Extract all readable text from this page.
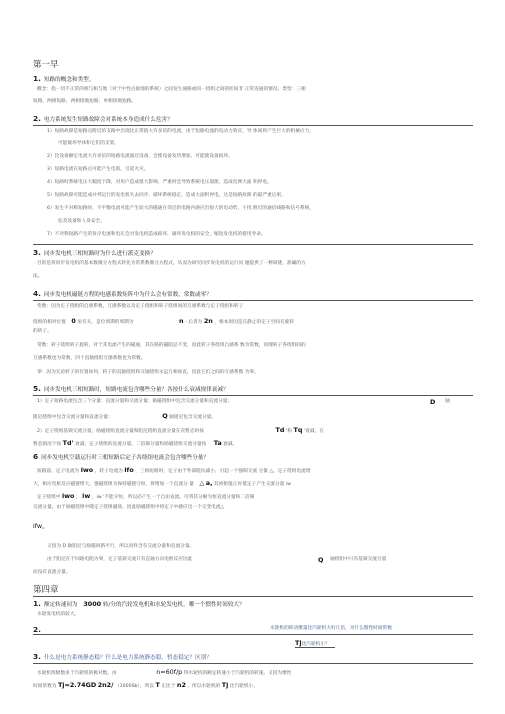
第一早
1. 短路的概念和类型。
概念：指一切不正常的相与相与地（对于中性点接地的系统）之间发生通路或同一绕组之间的匝间非 正常连通的情况。类型：三相
短路，两相短路，两相接地短路，单相接地短路。
2. 电力系统发生短路故障会对系统本身造成什么危害？
1）短路故障是短路点附近的支路中出现比正常值大许多倍的电流，由于短路电流的电动力效应，导 体间将产生巨大的机械应力，
可能破坏导体和它们的支架。
2）比设备额定电流大许多倍的短路电流通过设备，会使设备发热增加，可能使设备损坏。
3）短路电流在短路点可能产生电弧，引起火灾。
4）短路时系统电压大幅度下降，对用户造成很大影响，严重时会导致系统电压崩溃，造成电网大面 积停电。
5）短路故障可能造成并列运行的发电机失去同步，破坏系统稳定，造成大面积停电，这是短路故障 的最严重后果。
6）发生不对称短路时，不平衡电流可能产生较大的磁通在邻近的电路内感应出很大的电动势，干扰 附近的通信线路和信号系统，
危及设备和人身安全。
7）不对称短路产生的负序电流和电压会对发电机造成损坏，破坏发电机的安全，缩短发电机的使用寿命。
3. 同步发电机三相短路时为什么进行派克变换？
目的是将同步发电机的基本数微分方程式转化为常系数微分方程式，从而为研究同步发电机的运行问 题提供了一种简捷，准确的方
法。
4. 同步发电机磁链方程的电感系数矩阵中为什么会有常数，常数或零？
变数：因为定子绕组的自感系数，互感系数以及定子绕组和转子绕组间的互感系数与定子绕组和转子
绕组的相对位置 0 角有关，是位周期的周期为	n - 后者为 2n ，根本原因是在静止的定子空间有旋转
的转子。
常数：转子绕组转子旋转，对于其电流产生的磁通，其在路的磁阻总不变，因此转子各绕组自感系 数为常数，同理转子各绕组间的
互感系数也为常数，四十直轴绕组互感系数也为常数。
零：因为无论转子的位置如何，转子的直轴绕组和交轴绕组永远互相垂直，因此它们之间的互感系数 为零。
5. 同步发电机三相短路时，短路电流包含哪些分量？各按什么衰减规律衰减？
1）定子短路电流包含三个分量：直流分量和交流分量；励磁绕组中包含交流分量和直流分量；	D 轴
阻尼绕组中包含交流分量和直流分量；	Q 轴阻尼包含交流分量。
2）定子绕组基频交流分量，励磁绕组直流分量和阻尼绕组直流分量在次暂态时按	Td '和 Tq '衰减，在
暂态情况下按 Td' 衰减；定子绕组的直流分量，二倍频分量和励磁绕组交流分量按 Ta 衰减。
6 同步发电机空载运行时三相短路后定子各绕组电流会包含哪些分量？
短路前，定子电流为 iwo ，转子电流为 ifo ，三相短路时，定子由于外部阻抗减小，引起一个强制交流 分量 △，定子绕组电流增
大，相应电枢反应磁链增大，强磁绕组为保持磁链守恒，将增加一个直流分 量 △ a, 其初始值正好抵定子产生交流分量 iw
定子绕组中 iwo ， iw ，iw '不能守恒，所以必产生一个自由直流，可将其分解为恒直流分量和二倍频
交流分量。由于励磁绕组中随定子绕组磁场，因此励磁绕组中将定子中感应出一个交变电流△
ifw。
又因为 D 轴阻尼与励磁回路平行，所以同样含有交流分量和直流分量。
由于阻尼在于回路电阻为零，定子基频交流只有直轴方向电枢反应因此	Q 轴绕组中只有基频交流分量
而没有直流分量。
第四章
1. 额定转速同为 3000 转/分的汽轮发电机和水轮发电机，哪一个惯性时间较大？
水轮发电机的较大。
2.	水轮机的转动惯量比汽轮机大好几倍，为什么惯性时间常数
Tj比汽轮机小？
3. 什么是电力系统静态稳？什么是电力系统静态稳，暂态稳定？区别？
水轮机组级数多于汽轮机的极对数，由	n=60f/p 得水轮机的额定转速小于汽轮机的转速，又因为惯性
时间常数为 Tj=2.74GD 2n2/ （1000Sb），所以 T 正比于 n2 ，所以水轮机的 Tj 比汽轮机小。
